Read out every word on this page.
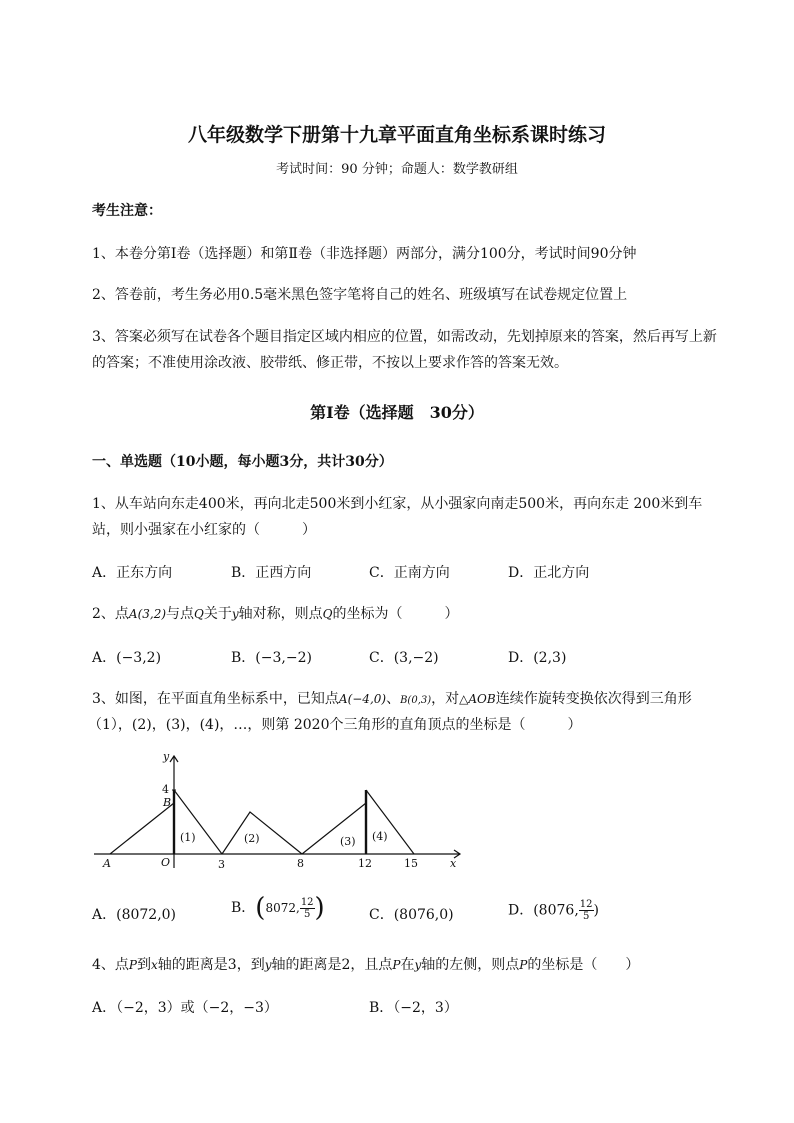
八年级数学下册第十九章平面直角坐标系课时练习
考试时间：90 分钟；命题人：数学教研组
考生注意：
1、本卷分第Ⅰ卷（选择题）和第Ⅱ卷（非选择题）两部分，满分100分，考试时间90分钟
2、答卷前，考生务必用0.5毫米黑色签字笔将自己的姓名、班级填写在试卷规定位置上
3、答案必须写在试卷各个题目指定区域内相应的位置，如需改动，先划掉原来的答案，然后再写上新
的答案；不准使用涂改液、胶带纸、修正带，不按以上要求作答的答案无效。
第Ⅰ卷（选择题　30分）
一、单选题（10小题，每小题3分，共计30分）
1、从车站向东走400米，再向北走500米到小红家，从小强家向南走500米，再向东走 200米到车
站，则小强家在小红家的（　　　）
A．正东方向	B．正西方向	C．正南方向	D．正北方向
2、点A(3,2)与点Q关于y轴对称，则点Q的坐标为（　　　）
A．(−3,2)	B．(−3,−2)	C．(3,−2)	D．(2,3)
3、如图，在平面直角坐标系中，已知点A(−4,0)、B(0,3)，对△AOB连续作旋转变换依次得到三角形
（1），(2)，(3)，(4)，…，则第 2020个三角形的直角顶点的坐标是（　　　）
y
4
B
A	O
(1)	(2)	(3) (4)
3	8	12	15	x
A．(8072,0)	B．(8072, $\frac{12}{5}$ )	C．(8076,0)	D．(8076, $\frac{12}{5}$ )
4、点P到x轴的距离是3，到y轴的距离是2，且点P在y轴的左侧，则点P的坐标是（　　）
A．（−2，3）或（−2，−3）	B．（−2，3）
